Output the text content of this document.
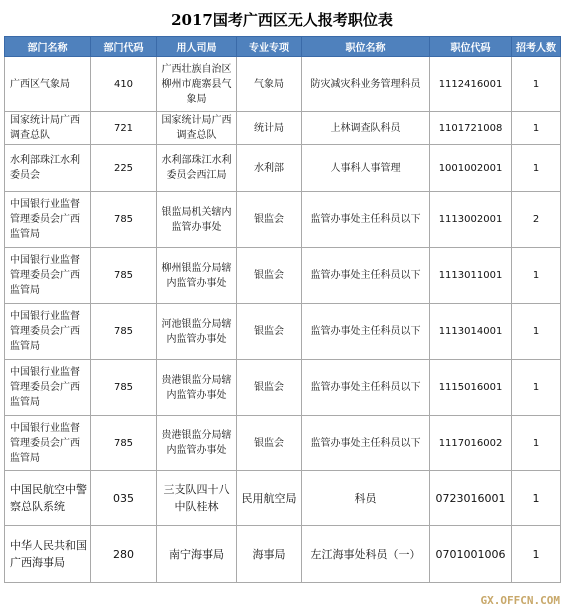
2017国考广西区无人报考职位表
部门名称	部门代码	用人司局	专业专项	职位名称	职位代码	招考人数
广西区气象局	410	广西壮族自治区柳州市鹿寨县气象局	气象局	防灾减灾科业务管理科员	1112416001	1
国家统计局广西调查总队	721	国家统计局广西调查总队	统计局	上林调查队科员	1101721008	1
水利部珠江水利委员会	225	水利部珠江水利委员会西江局	水利部	人事科人事管理	1001002001	1
中国银行业监督管理委员会广西监管局	785	银监局机关辖内监管办事处	银监会	监管办事处主任科员以下	1113002001	2
中国银行业监督管理委员会广西监管局	785	柳州银监分局辖内监管办事处	银监会	监管办事处主任科员以下	1113011001	1
中国银行业监督管理委员会广西监管局	785	河池银监分局辖内监管办事处	银监会	监管办事处主任科员以下	1113014001	1
中国银行业监督管理委员会广西监管局	785	贵港银监分局辖内监管办事处	银监会	监管办事处主任科员以下	1115016001	1
中国银行业监督管理委员会广西监管局	785	贵港银监分局辖内监管办事处	银监会	监管办事处主任科员以下	1117016002	1
中国民航空中警察总队系统	035	三支队四十八中队桂林	民用航空局	科员	0723016001	1
中华人民共和国广西海事局	280	南宁海事局	海事局	左江海事处科员（一）	0701001006	1
GX.OFFCN.COM
